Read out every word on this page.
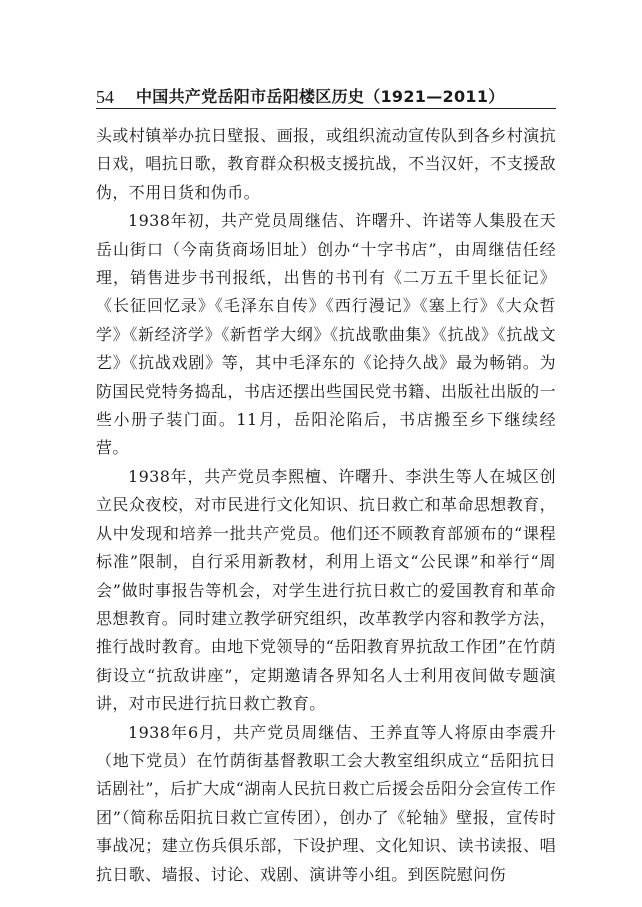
54 中国共产党岳阳市岳阳楼区历史（1921—2011）

头或村镇举办抗日壁报、画报，或组织流动宣传队到各乡村演抗日戏，唱抗日歌，教育群众积极支援抗战，不当汉奸，不支援敌伪，不用日货和伪币。

1938年初，共产党员周继佶、许曙升、许诺等人集股在天岳山街口（今南货商场旧址）创办“十字书店”，由周继佶任经理，销售进步书刊报纸，出售的书刊有《二万五千里长征记》《长征回忆录》《毛泽东自传》《西行漫记》《塞上行》《大众哲学》《新经济学》《新哲学大纲》《抗战歌曲集》《抗战》《抗战文艺》《抗战戏剧》等，其中毛泽东的《论持久战》最为畅销。为防国民党特务捣乱，书店还摆出些国民党书籍、出版社出版的一些小册子装门面。11月，岳阳沦陷后，书店搬至乡下继续经营。

1938年，共产党员李熙檀、许曙升、李洪生等人在城区创立民众夜校，对市民进行文化知识、抗日救亡和革命思想教育，从中发现和培养一批共产党员。他们还不顾教育部颁布的“课程标准”限制，自行采用新教材，利用上语文“公民课”和举行“周会”做时事报告等机会，对学生进行抗日救亡的爱国教育和革命思想教育。同时建立教学研究组织，改革教学内容和教学方法，推行战时教育。由地下党领导的“岳阳教育界抗敌工作团”在竹荫街设立“抗敌讲座”，定期邀请各界知名人士利用夜间做专题演讲，对市民进行抗日救亡教育。

1938年6月，共产党员周继佶、王养直等人将原由李震升（地下党员）在竹荫街基督教职工会大教室组织成立“岳阳抗日话剧社”，后扩大成“湖南人民抗日救亡后援会岳阳分会宣传工作团”（简称岳阳抗日救亡宣传团），创办了《轮轴》壁报，宣传时事战况；建立伤兵俱乐部，下设护理、文化知识、读书读报、唱抗日歌、墙报、讨论、戏剧、演讲等小组。到医院慰问伤
